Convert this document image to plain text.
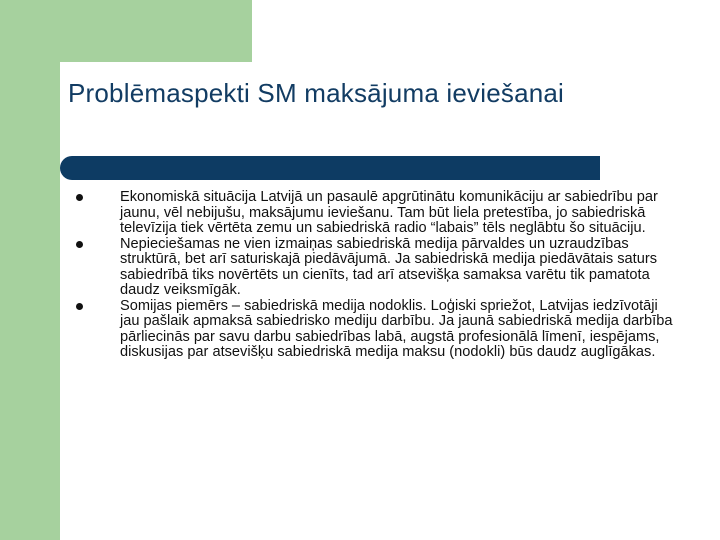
Problēmaspekti SM maksājuma ieviešanai
Ekonomiskā situācija Latvijā un pasaulē apgrūtinātu komunikāciju ar sabiedrību par jaunu, vēl nebijušu, maksājumu ieviešanu. Tam būt liela pretestība, jo sabiedriskā televīzija tiek vērtēta zemu un sabiedriskā radio “labais” tēls neglābtu šo situāciju.
Nepieciešamas ne vien izmaiņas sabiedriskā medija pārvaldes un uzraudzības struktūrā, bet arī saturiskajā piedāvājumā. Ja sabiedriskā medija piedāvātais saturs sabiedrībā tiks novērtēts un cienīts, tad arī atsevišķa samaksa varētu tik pamatota daudz veiksmīgāk.
Somijas piemērs – sabiedriskā medija nodoklis. Loģiski spriežot, Latvijas iedzīvotāji jau pašlaik apmaksā sabiedrisko mediju darbību. Ja jaunā sabiedriskā medija darbība pārliecinās par savu darbu sabiedrības labā, augstā profesionālā līmenī, iespējams, diskusijas par atsevišķu sabiedriskā medija maksu (nodokli) būs daudz auglīgākas.
